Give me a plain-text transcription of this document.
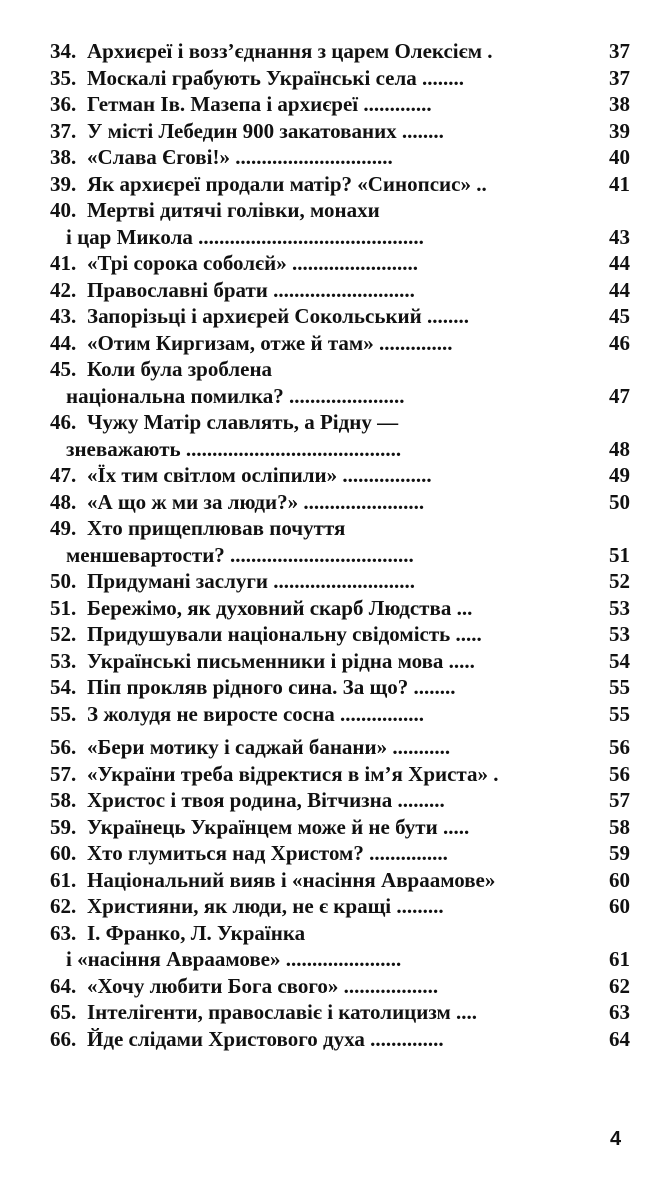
34. Архиєреї і возз’єднання з царем Олексієм .	37
35. Москалі грабують Українські села ........	37
36. Гетман Ів. Мазепа і архиєреї .............	38
37. У місті Лебедин 900 закатованих ........	39
38. «Слава Єгові!» ..............................	40
39. Як архиєреї продали матір? «Синопсис» ..	41
40. Мертві дитячі голівки, монахи
і цар Микола ...........................................	43
41. «Трі сорока соболєй» ........................	44
42. Православні брати ...........................	44
43. Запорізьці і архиєрей Сокольський ........	45
44. «Отим Киргизам, отже й там» ..............	46
45. Коли була зроблена
національна помилка? ......................	47
46. Чужу Матір славлять, а Рідну —
зневажають .........................................	48
47. «Їх тим світлом осліпили» .................	49
48. «А що ж ми за люди?» .......................	50
49. Хто прищеплював почуття
меншевартости? ...................................	51
50. Придумані заслуги ...........................	52
51. Бережімо, як духовний скарб Людства ...	53
52. Придушували національну свідомість .....	53
53. Українські письменники і рідна мова .....	54
54. Піп прокляв рідного сина. За що? ........	55
55. З жолудя не виросте сосна ................	55
56. «Бери мотику і саджай банани» ...........	56
57. «України треба відректися в ім’я Христа» .	56
58. Христос і твоя родина, Вітчизна .........	57
59. Українець Українцем може й не бути .....	58
60. Хто глумиться над Христом? ...............	59
61. Національний вияв і «насіння Авраамове»	60
62. Християни, як люди, не є кращі .........	60
63. І. Франко, Л. Українка
і «насіння Авраамове» ......................	61
64. «Хочу любити Бога свого» ..................	62
65. Інтелігенти, православіє і католицизм ....	63
66. Йде слідами Христового духа ..............	64
4
